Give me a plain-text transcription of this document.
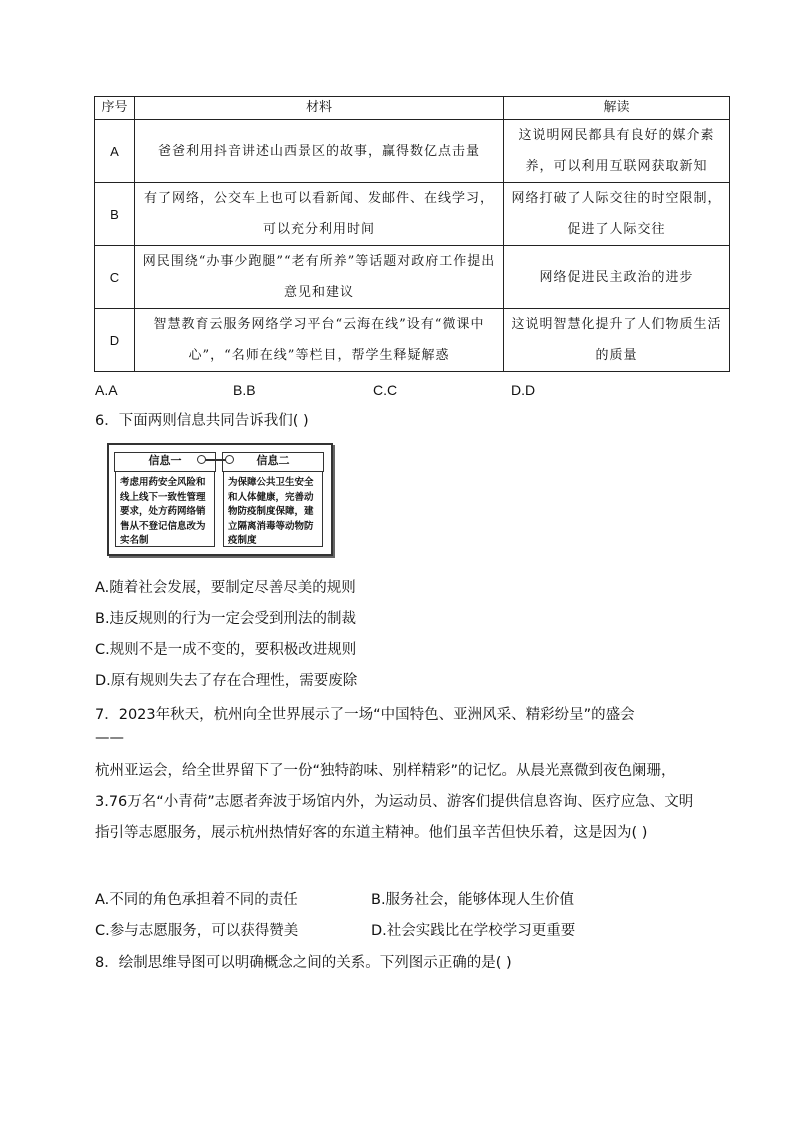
序号	材料	解读
A	爸爸利用抖音讲述山西景区的故事，赢得数亿点击量	这说明网民都具有良好的媒介素养，可以利用互联网获取新知
B	有了网络，公交车上也可以看新闻、发邮件、在线学习，可以充分利用时间	网络打破了人际交往的时空限制，促进了人际交往
C	网民围绕“办事少跑腿”“老有所养”等话题对政府工作提出意见和建议	网络促进民主政治的进步
D	智慧教育云服务网络学习平台“云海在线”设有“微课中心”，“名师在线”等栏目，帮学生释疑解惑	这说明智慧化提升了人们物质生活的质量
A.A	B.B	C.C	D.D
6．下面两则信息共同告诉我们( )
信息一
考虑用药安全风险和线上线下一致性管理要求，处方药网络销售从不登记信息改为实名制
信息二
为保障公共卫生安全和人体健康，完善动物防疫制度保障，建立隔离消毒等动物防疫制度
A.随着社会发展，要制定尽善尽美的规则
B.违反规则的行为一定会受到刑法的制裁
C.规则不是一成不变的，要积极改进规则
D.原有规则失去了存在合理性，需要废除
7．2023年秋天，杭州向全世界展示了一场“中国特色、亚洲风采、精彩纷呈”的盛会
——
杭州亚运会，给全世界留下了一份“独特韵味、别样精彩”的记忆。从晨光熹微到夜色阑珊，3.76万名“小青荷”志愿者奔波于场馆内外，为运动员、游客们提供信息咨询、医疗应急、文明指引等志愿服务，展示杭州热情好客的东道主精神。他们虽辛苦但快乐着，这是因为( )
A.不同的角色承担着不同的责任	B.服务社会，能够体现人生价值
C.参与志愿服务，可以获得赞美	D.社会实践比在学校学习更重要
8．绘制思维导图可以明确概念之间的关系。下列图示正确的是( )
